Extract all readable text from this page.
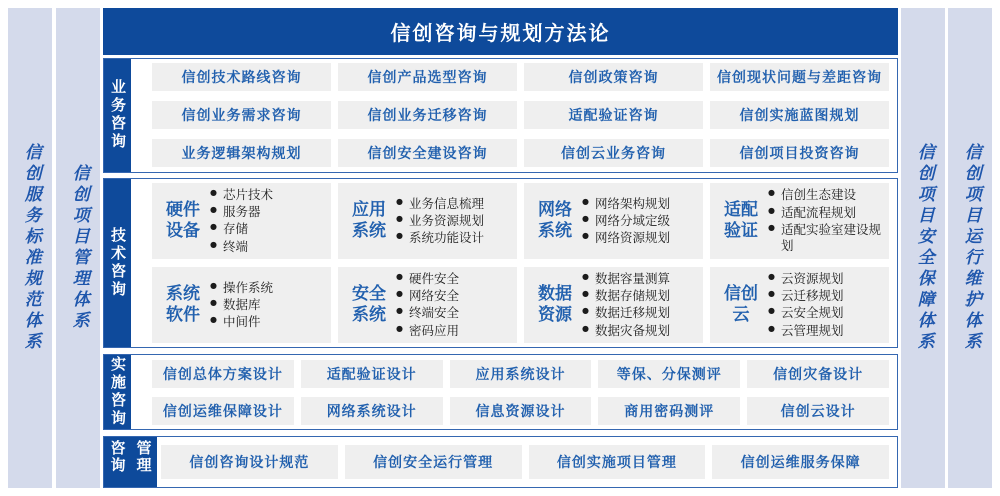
信创服务标准规范体系 信创项目管理体系
信创咨询与规划方法论
业务咨询
信创技术路线咨询	信创产品选型咨询	信创政策咨询	信创现状问题与差距咨询
信创业务需求咨询	信创业务迁移咨询	适配验证咨询	信创实施蓝图规划
业务逻辑架构规划	信创安全建设咨询	信创云业务咨询	信创项目投资咨询
技术咨询
硬件设备
● 芯片技术
● 服务器
● 存储
● 终端
应用系统
● 业务信息梳理
● 业务资源规划
● 系统功能设计
网络系统
● 网络架构规划
● 网络分域定级
● 网络资源规划
适配验证
● 信创生态建设
● 适配流程规划
● 适配实验室建设规划
系统软件
● 操作系统
● 数据库
● 中间件
安全系统
● 硬件安全
● 网络安全
● 终端安全
● 密码应用
数据资源
● 数据容量测算
● 数据存储规划
● 数据迁移规划
● 数据灾备规划
信创云
● 云资源规划
● 云迁移规划
● 云安全规划
● 云管理规划
实施咨询	信创总体方案设计	适配验证设计	应用系统设计	等保、分保测评	信创灾备设计
信创运维保障设计	网络系统设计	信息资源设计	商用密码测评	信创云设计
咨询管理	信创咨询设计规范	信创安全运行管理	信创实施项目管理	信创运维服务保障
信创项目安全保障体系 信创项目运行维护体系
